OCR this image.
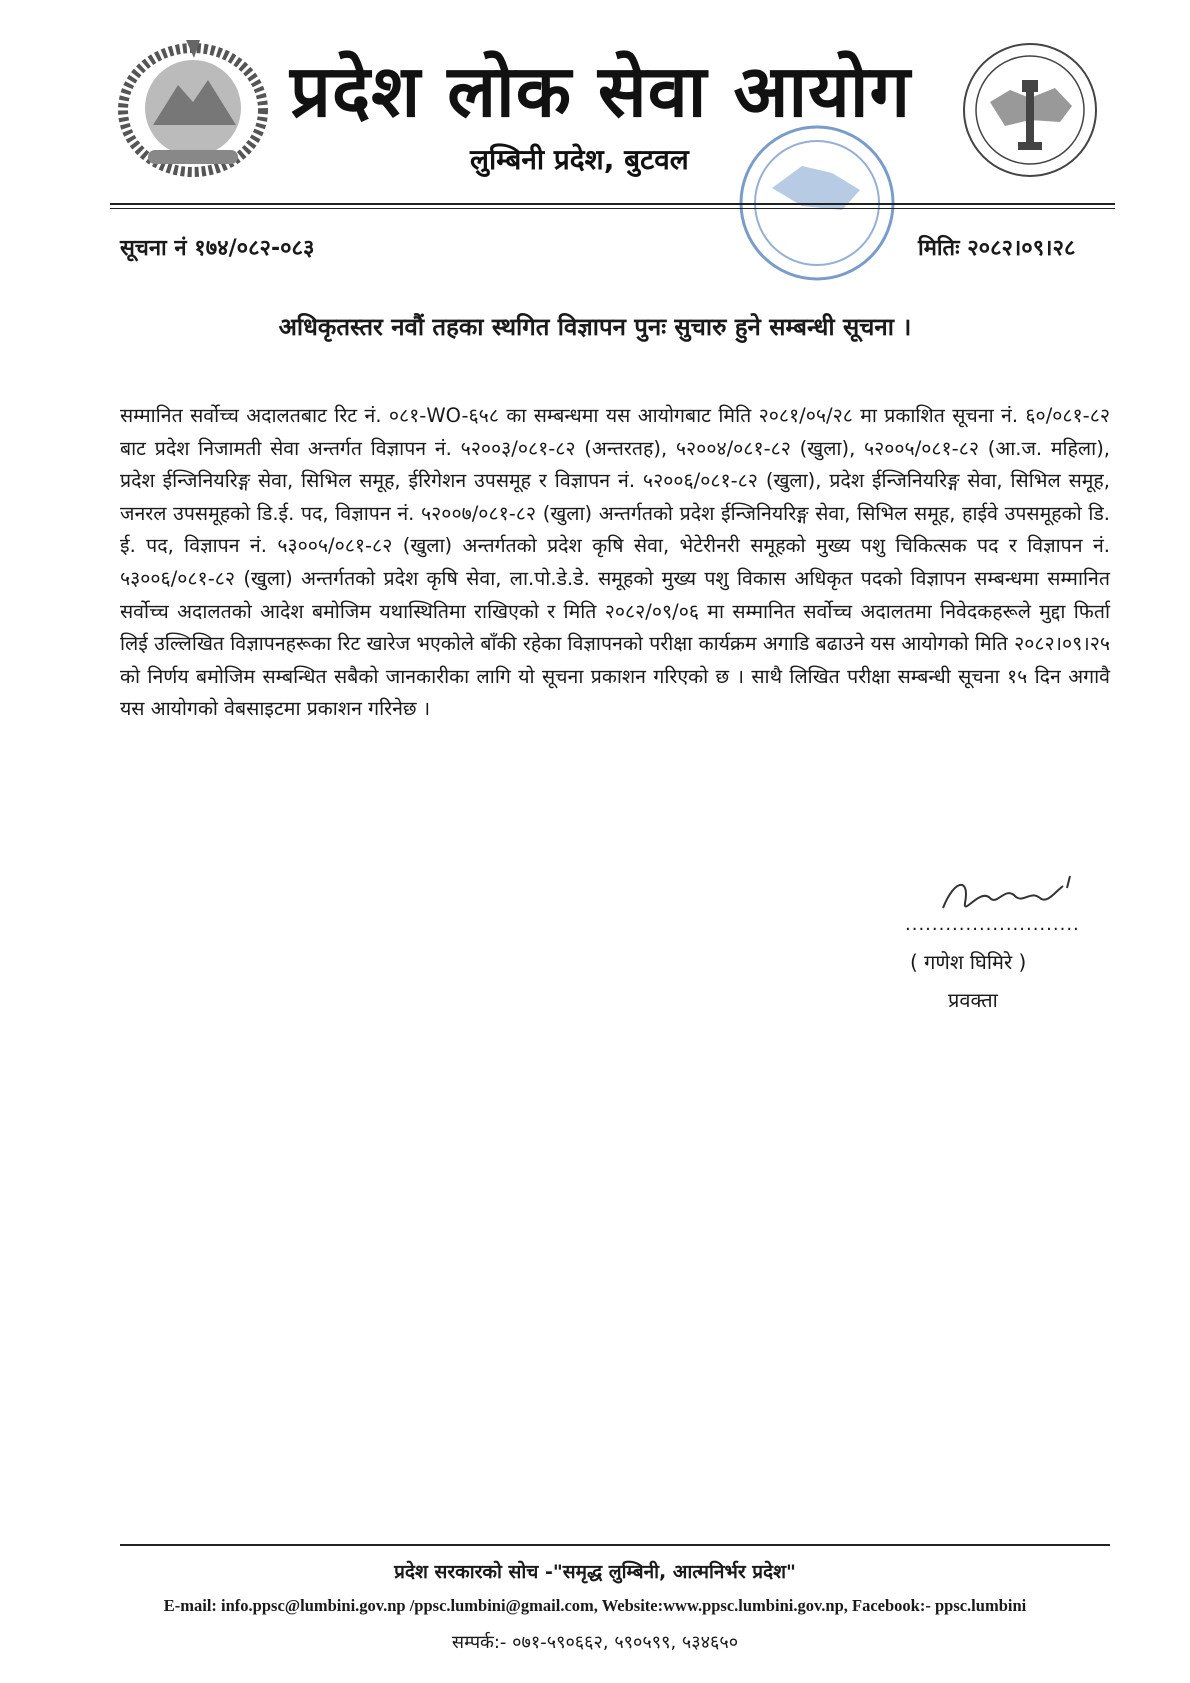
प्रदेश लोक सेवा आयोग
लुम्बिनी प्रदेश, बुटवल
सूचना नं १७४/०८२-०८३	मितिः २०८२।०९।२८
अधिकृतस्तर नवौं तहका स्थगित विज्ञापन पुनः सुचारु हुने सम्बन्धी सूचना ।
सम्मानित सर्वोच्च अदालतबाट रिट नं. ०८१-WO-६५८ का सम्बन्धमा यस आयोगबाट मिति २०८१/०५/२८ मा प्रकाशित सूचना नं. ६०/०८१-८२ बाट प्रदेश निजामती सेवा अन्तर्गत विज्ञापन नं. ५२००३/०८१-८२ (अन्तरतह), ५२००४/०८१-८२ (खुला), ५२००५/०८१-८२ (आ.ज. महिला), प्रदेश ईन्जिनियरिङ्ग सेवा, सिभिल समूह, ईरिगेशन उपसमूह र विज्ञापन नं. ५२००६/०८१-८२ (खुला), प्रदेश ईन्जिनियरिङ्ग सेवा, सिभिल समूह, जनरल उपसमूहको डि.ई. पद, विज्ञापन नं. ५२००७/०८१-८२ (खुला) अन्तर्गतको प्रदेश ईन्जिनियरिङ्ग सेवा, सिभिल समूह, हाईवे उपसमूहको डि. ई. पद, विज्ञापन नं. ५३००५/०८१-८२ (खुला) अन्तर्गतको प्रदेश कृषि सेवा, भेटेरीनरी समूहको मुख्य पशु चिकित्सक पद र विज्ञापन नं. ५३००६/०८१-८२ (खुला) अन्तर्गतको प्रदेश कृषि सेवा, ला.पो.डे.डे. समूहको मुख्य पशु विकास अधिकृत पदको विज्ञापन सम्बन्धमा सम्मानित सर्वोच्च अदालतको आदेश बमोजिम यथास्थितिमा राखिएको र मिति २०८२/०९/०६ मा सम्मानित सर्वोच्च अदालतमा निवेदकहरूले मुद्दा फिर्ता लिई उल्लिखित विज्ञापनहरूका रिट खारेज भएकोले बाँकी रहेका विज्ञापनको परीक्षा कार्यक्रम अगाडि बढाउने यस आयोगको मिति २०८२।०९।२५ को निर्णय बमोजिम सम्बन्धित सबैको जानकारीका लागि यो सूचना प्रकाशन गरिएको छ । साथै लिखित परीक्षा सम्बन्धी सूचना १५ दिन अगावै यस आयोगको वेबसाइटमा प्रकाशन गरिनेछ ।
..........................
( गणेश घिमिरे )
प्रवक्ता
प्रदेश सरकारको सोच -"समृद्ध लुम्बिनी, आत्मनिर्भर प्रदेश"
E-mail: info.ppsc@lumbini.gov.np /ppsc.lumbini@gmail.com, Website:www.ppsc.lumbini.gov.np, Facebook:- ppsc.lumbini
सम्पर्क:- ०७१-५९०६६२, ५९०५९९, ५३४६५०
